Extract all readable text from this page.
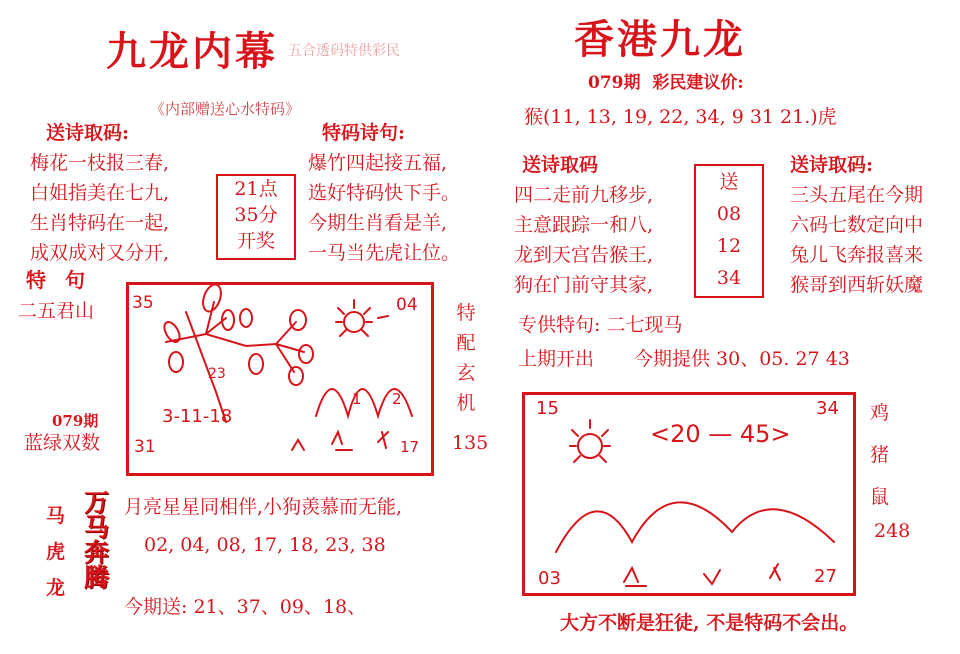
九龙内幕 五合透码特供彩民
《内部赠送心水特码》
送诗取码:
梅花一枝报三春,
白姐指美在七九,
生肖特码在一起,
成双成对又分开,
21点
35分
开奖
特码诗句:
爆竹四起接五福,
选好特码快下手。
今期生肖看是羊,
一马当先虎让位。
特 句
二五君山
079期
蓝绿双数
35	04
31
3-11-18
1 2
17
23
特
配
玄
机
135
马
虎
龙
万马奔腾
月亮星星同相伴,小狗羡慕而无能,
02, 04, 08, 17, 18, 23, 38
今期送: 21、37、09、18、
香港九龙
079期  彩民建议价:
猴(11, 13, 19, 22, 34, 9 31 21.)虎
送诗取码
四二走前九移步,
主意跟踪一和八,
龙到天宫告猴王,
狗在门前守其家,
送
08
12
34
送诗取码:
三头五尾在今期
六码七数定向中
兔儿飞奔报喜来
猴哥到西斩妖魔
专供特句: 二七现马
上期开出 今期提供 30、05. 27 43
15	34
03	27
<20 — 45>
鸡
猪
鼠
248
大方不断是狂徒, 不是特码不会出。
